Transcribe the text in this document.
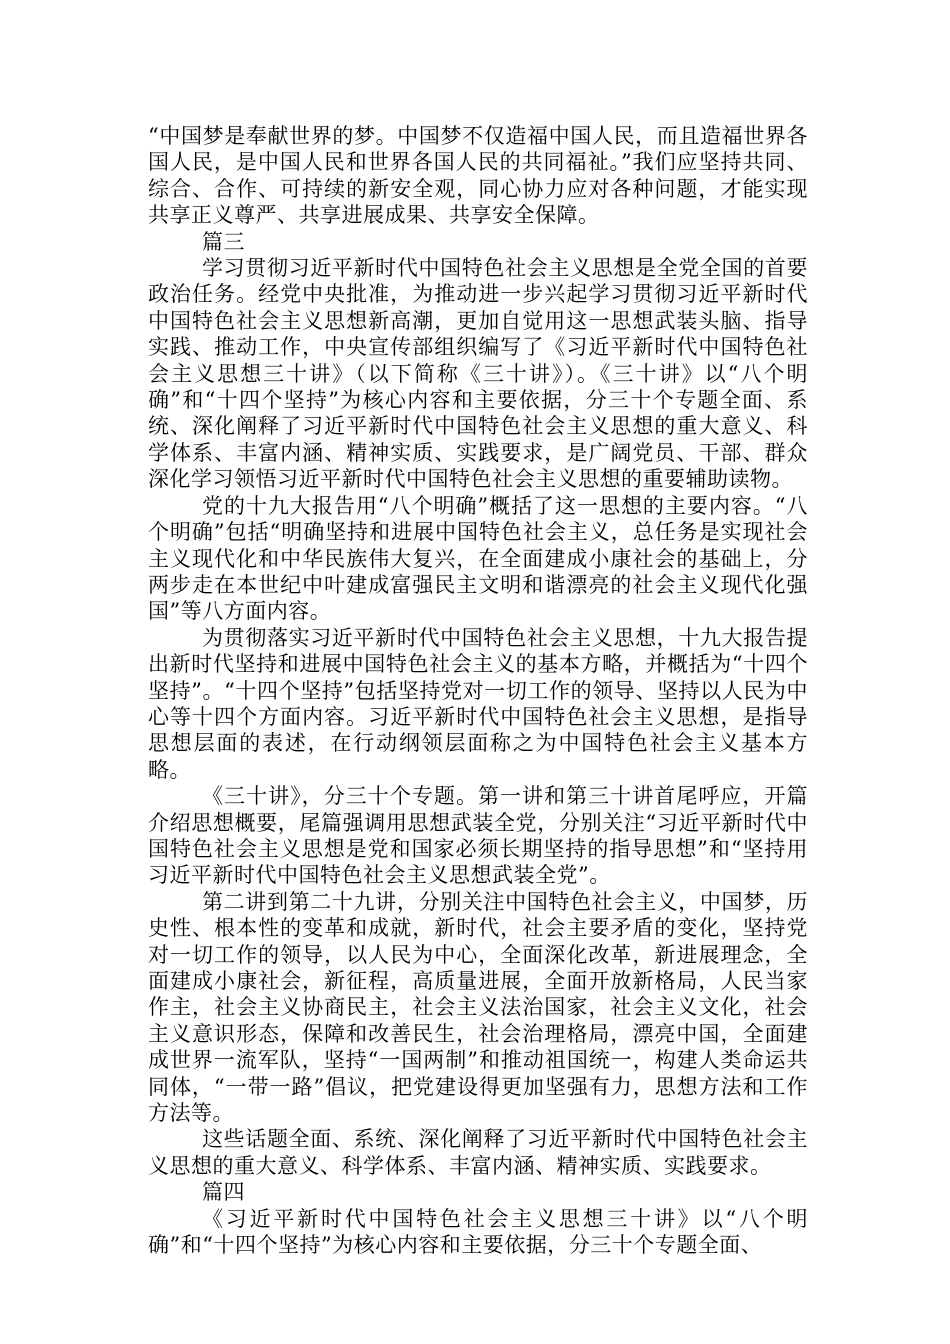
“中国梦是奉献世界的梦。中国梦不仅造福中国人民，而且造福世界各国人民，是中国人民和世界各国人民的共同福祉。”我们应坚持共同、综合、合作、可持续的新安全观，同心协力应对各种问题，才能实现共享正义尊严、共享进展成果、共享安全保障。

篇三

学习贯彻习近平新时代中国特色社会主义思想是全党全国的首要政治任务。经党中央批准，为推动进一步兴起学习贯彻习近平新时代中国特色社会主义思想新高潮，更加自觉用这一思想武装头脑、指导实践、推动工作，中央宣传部组织编写了《习近平新时代中国特色社会主义思想三十讲》（以下简称《三十讲》）。《三十讲》以“八个明确”和“十四个坚持”为核心内容和主要依据，分三十个专题全面、系统、深化阐释了习近平新时代中国特色社会主义思想的重大意义、科学体系、丰富内涵、精神实质、实践要求，是广阔党员、干部、群众深化学习领悟习近平新时代中国特色社会主义思想的重要辅助读物。

党的十九大报告用“八个明确”概括了这一思想的主要内容。“八个明确”包括“明确坚持和进展中国特色社会主义，总任务是实现社会主义现代化和中华民族伟大复兴，在全面建成小康社会的基础上，分两步走在本世纪中叶建成富强民主文明和谐漂亮的社会主义现代化强国”等八方面内容。

为贯彻落实习近平新时代中国特色社会主义思想，十九大报告提出新时代坚持和进展中国特色社会主义的基本方略，并概括为“十四个坚持”。“十四个坚持”包括坚持党对一切工作的领导、坚持以人民为中心等十四个方面内容。习近平新时代中国特色社会主义思想，是指导思想层面的表述，在行动纲领层面称之为中国特色社会主义基本方略。

《三十讲》，分三十个专题。第一讲和第三十讲首尾呼应，开篇介绍思想概要，尾篇强调用思想武装全党，分别关注“习近平新时代中国特色社会主义思想是党和国家必须长期坚持的指导思想”和“坚持用习近平新时代中国特色社会主义思想武装全党”。

第二讲到第二十九讲，分别关注中国特色社会主义，中国梦，历史性、根本性的变革和成就，新时代，社会主要矛盾的变化，坚持党对一切工作的领导，以人民为中心，全面深化改革，新进展理念，全面建成小康社会，新征程，高质量进展，全面开放新格局，人民当家作主，社会主义协商民主，社会主义法治国家，社会主义文化，社会主义意识形态，保障和改善民生，社会治理格局，漂亮中国，全面建成世界一流军队，坚持“一国两制”和推动祖国统一，构建人类命运共同体，“一带一路”倡议，把党建设得更加坚强有力，思想方法和工作方法等。

这些话题全面、系统、深化阐释了习近平新时代中国特色社会主义思想的重大意义、科学体系、丰富内涵、精神实质、实践要求。

篇四

《习近平新时代中国特色社会主义思想三十讲》以“八个明确”和“十四个坚持”为核心内容和主要依据，分三十个专题全面、
